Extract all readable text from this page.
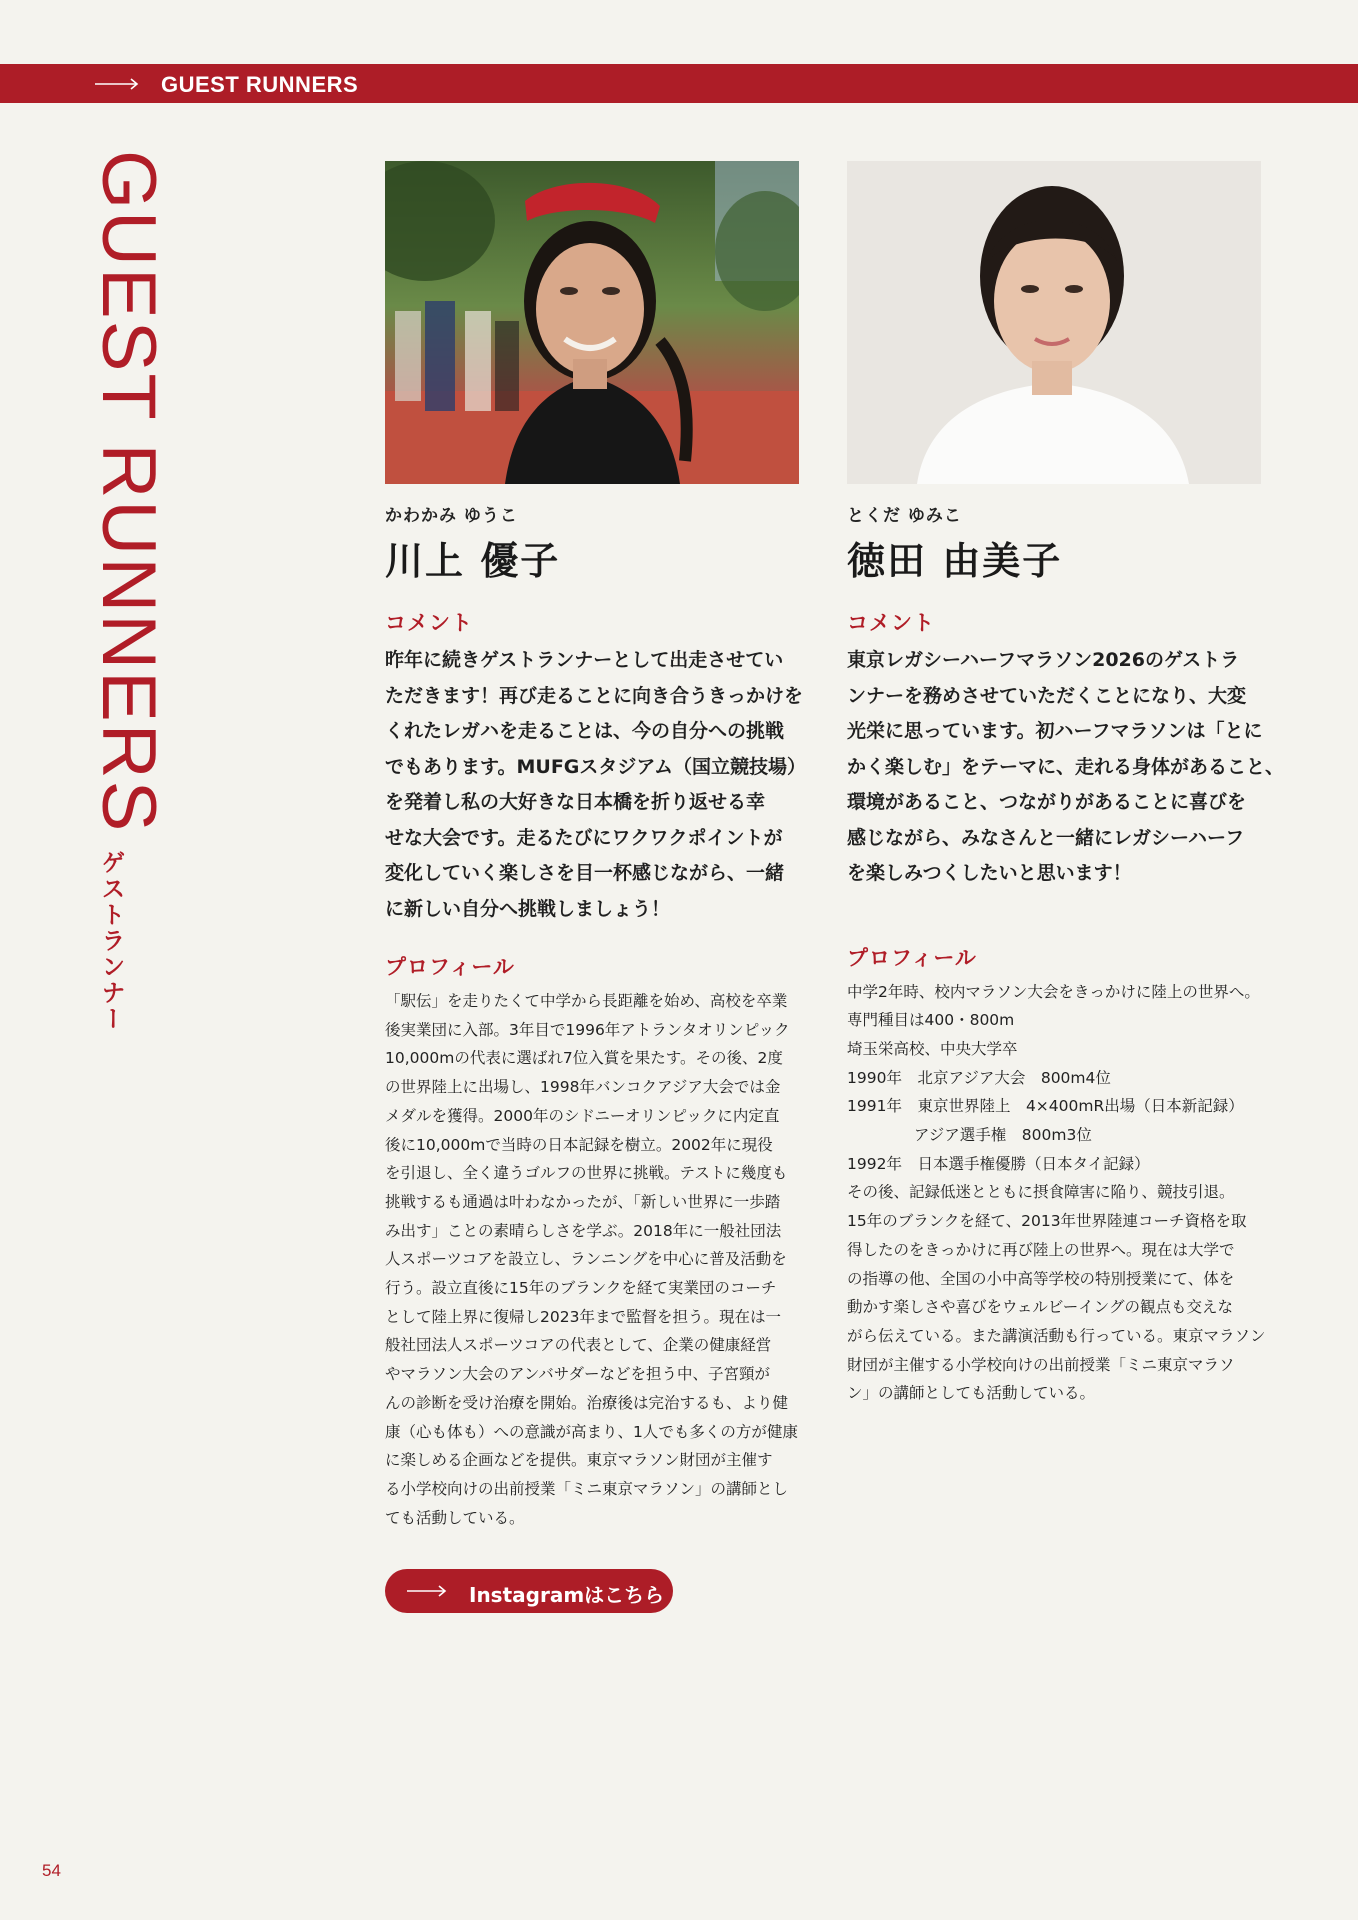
GUEST RUNNERS
GUEST RUNNERS
ゲストランナー
かわかみ ゆうこ
川上 優子
コメント
昨年に続きゲストランナーとして出走させてい
ただきます！再び走ることに向き合うきっかけを
くれたレガハを走ることは、今の自分への挑戦
でもあります。MUFGスタジアム（国立競技場）
を発着し私の大好きな日本橋を折り返せる幸
せな大会です。走るたびにワクワクポイントが
変化していく楽しさを目一杯感じながら、一緒
に新しい自分へ挑戦しましょう！
プロフィール
「駅伝」を走りたくて中学から長距離を始め、高校を卒業
後実業団に入部。3年目で1996年アトランタオリンピック
10,000mの代表に選ばれ7位入賞を果たす。その後、2度
の世界陸上に出場し、1998年バンコクアジア大会では金
メダルを獲得。2000年のシドニーオリンピックに内定直
後に10,000mで当時の日本記録を樹立。2002年に現役
を引退し、全く違うゴルフの世界に挑戦。テストに幾度も
挑戦するも通過は叶わなかったが、「新しい世界に一歩踏
み出す」ことの素晴らしさを学ぶ。2018年に一般社団法
人スポーツコアを設立し、ランニングを中心に普及活動を
行う。設立直後に15年のブランクを経て実業団のコーチ
として陸上界に復帰し2023年まで監督を担う。現在は一
般社団法人スポーツコアの代表として、企業の健康経営
やマラソン大会のアンバサダーなどを担う中、子宮頸が
んの診断を受け治療を開始。治療後は完治するも、より健
康（心も体も）への意識が高まり、1人でも多くの方が健康
に楽しめる企画などを提供。東京マラソン財団が主催す
る小学校向けの出前授業「ミニ東京マラソン」の講師とし
ても活動している。
Instagramはこちら
とくだ ゆみこ
徳田 由美子
コメント
東京レガシーハーフマラソン2026のゲストラ
ンナーを務めさせていただくことになり、大変
光栄に思っています。初ハーフマラソンは「とに
かく楽しむ」をテーマに、走れる身体があること、
環境があること、つながりがあることに喜びを
感じながら、みなさんと一緒にレガシーハーフ
を楽しみつくしたいと思います！
プロフィール
中学2年時、校内マラソン大会をきっかけに陸上の世界へ。
専門種目は400・800m
埼玉栄高校、中央大学卒
1990年　北京アジア大会　800m4位
1991年　東京世界陸上　4×400mR出場（日本新記録）
　　　　 アジア選手権　800m3位
1992年　日本選手権優勝（日本タイ記録）
その後、記録低迷とともに摂食障害に陥り、競技引退。
15年のブランクを経て、2013年世界陸連コーチ資格を取
得したのをきっかけに再び陸上の世界へ。現在は大学で
の指導の他、全国の小中高等学校の特別授業にて、体を
動かす楽しさや喜びをウェルビーイングの観点も交えな
がら伝えている。また講演活動も行っている。東京マラソン
財団が主催する小学校向けの出前授業「ミニ東京マラソ
ン」の講師としても活動している。
54
